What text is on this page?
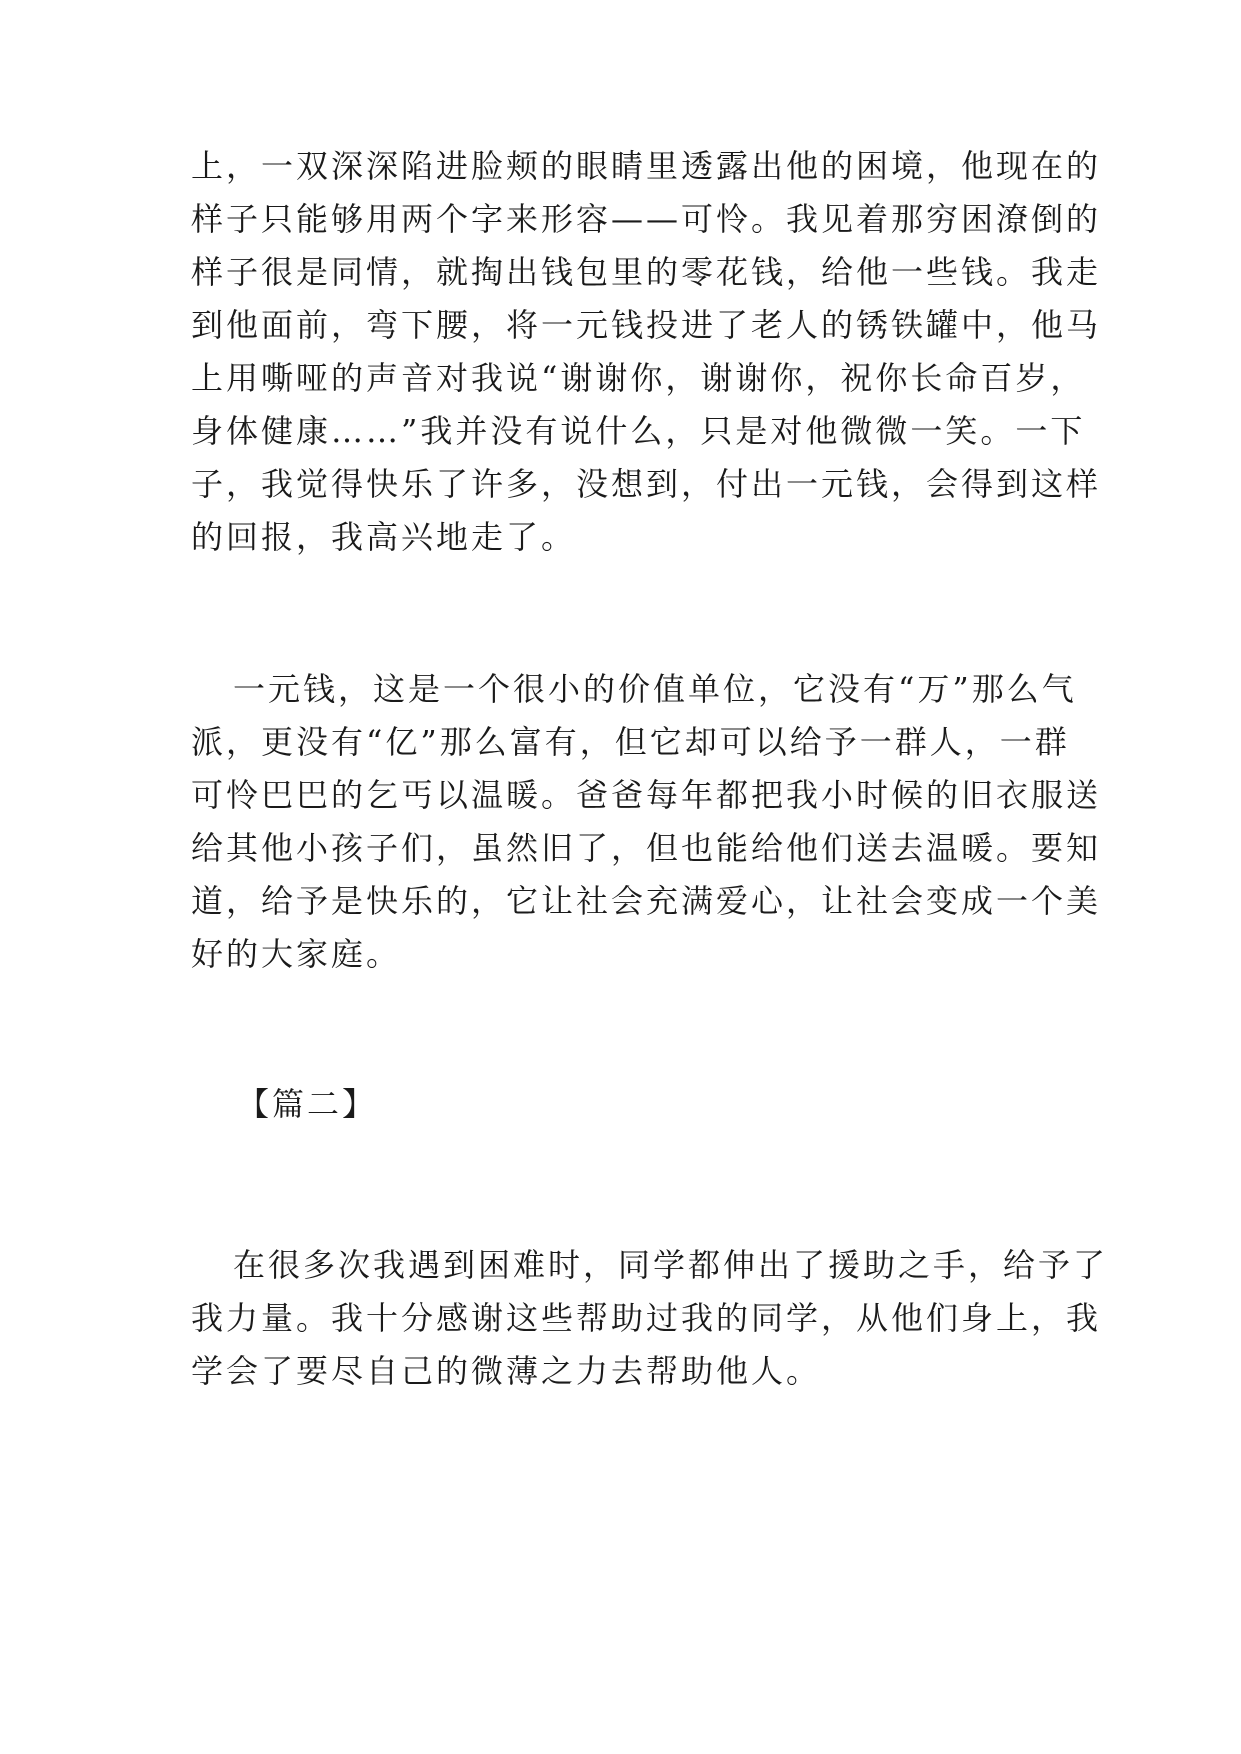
上，一双深深陷进脸颊的眼睛里透露出他的困境，他现在的
样子只能够用两个字来形容——可怜。我见着那穷困潦倒的
样子很是同情，就掏出钱包里的零花钱，给他一些钱。我走
到他面前，弯下腰，将一元钱投进了老人的锈铁罐中，他马
上用嘶哑的声音对我说“谢谢你，谢谢你，祝你长命百岁，
身体健康……”我并没有说什么，只是对他微微一笑。一下
子，我觉得快乐了许多，没想到，付出一元钱，会得到这样
的回报，我高兴地走了。
一元钱，这是一个很小的价值单位，它没有“万”那么气
派，更没有“亿”那么富有，但它却可以给予一群人，一群
可怜巴巴的乞丐以温暖。爸爸每年都把我小时候的旧衣服送
给其他小孩子们，虽然旧了，但也能给他们送去温暖。要知
道，给予是快乐的，它让社会充满爱心，让社会变成一个美
好的大家庭。
【篇二】
在很多次我遇到困难时，同学都伸出了援助之手，给予了
我力量。我十分感谢这些帮助过我的同学，从他们身上，我
学会了要尽自己的微薄之力去帮助他人。
